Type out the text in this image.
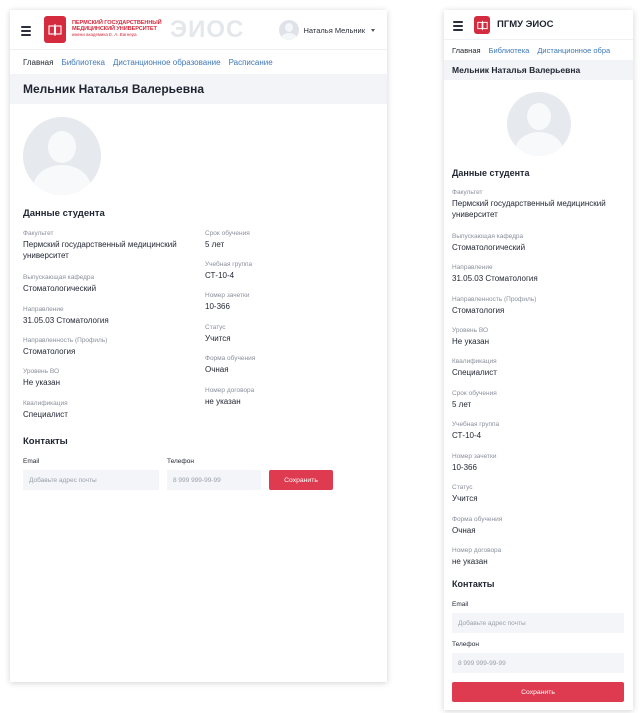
ПЕРМСКИЙ ГОСУДАРСТВЕННЫЙ
МЕДИЦИНСКИЙ УНИВЕРСИТЕТ
имени академика Е. А. Вагнера	ЭИОС	Наталья Мельник
Главная Библиотека Дистанционное образование Расписание
Мельник Наталья Валерьевна
Данные студента
Факультет
Пермский государственный медицинский университет
Выпускающая кафедра
Стоматологический
Направление
31.05.03 Стоматология
Направленность (Профиль)
Стоматология
Уровень ВО
Не указан
Квалификация
Специалист
Срок обучения
5 лет
Учебная группа
СТ-10-4
Номер зачетки
10-366
Статус
Учится
Форма обучения
Очная
Номер договора
не указан
Контакты
Email
Добавьте адрес почты	Телефон
8 999 999-99-99
Сохранить
ПГМУ ЭИОС
Главная Библиотека Дистанционное обра
Мельник Наталья Валерьевна
Данные студента
Факультет
Пермский государственный медицинский университет
Выпускающая кафедра
Стоматологический
Направление
31.05.03 Стоматология
Направленность (Профиль)
Стоматология
Уровень ВО
Не указан
Квалификация
Специалист
Срок обучения
5 лет
Учебная группа
СТ-10-4
Номер зачетки
10-366
Статус
Учится
Форма обучения
Очная
Номер договора
не указан
Контакты
Email
Добавьте адрес почты
Телефон
8 999 999-99-99
Сохранить
